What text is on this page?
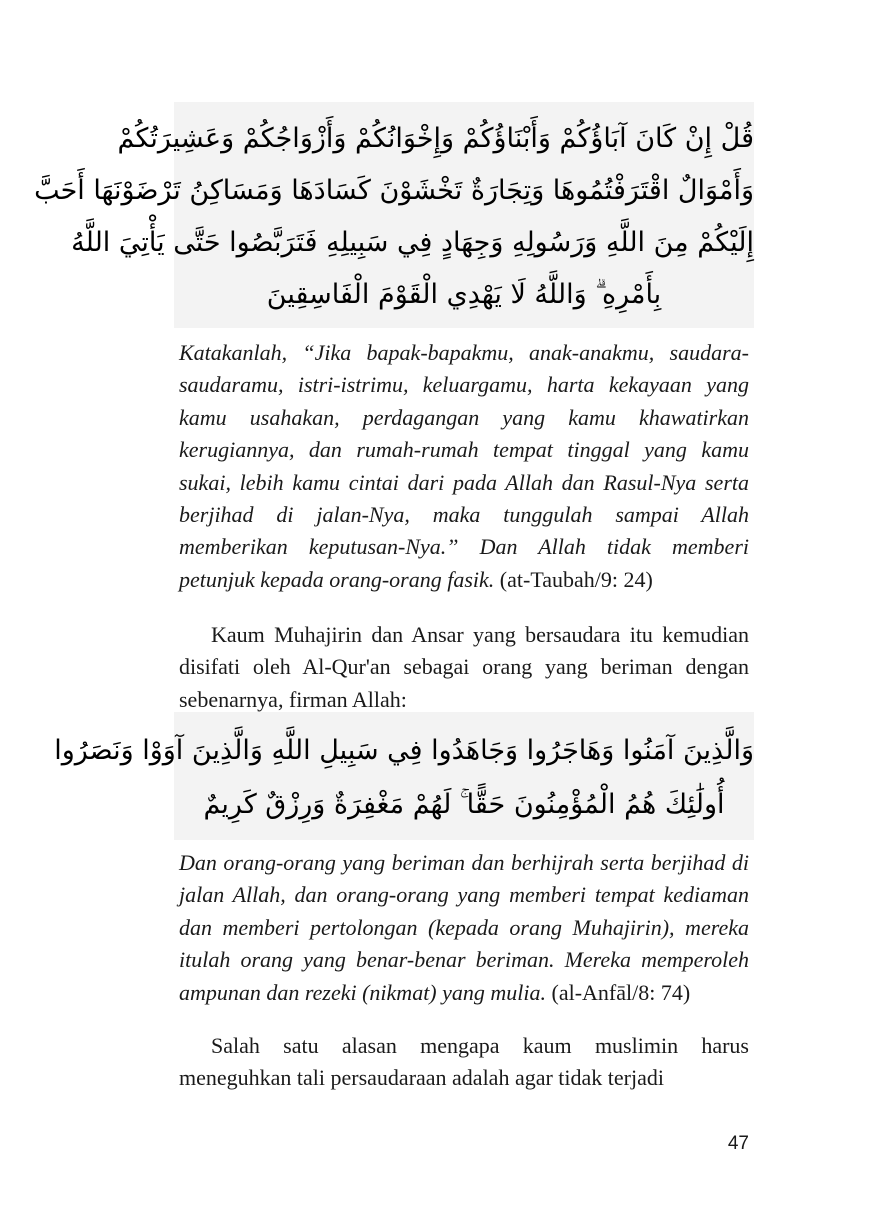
قُلْ إِنْ كَانَ آبَاؤُكُمْ وَأَبْنَاؤُكُمْ وَإِخْوَانُكُمْ وَأَزْوَاجُكُمْ وَعَشِيرَتُكُمْ
وَأَمْوَالٌ اقْتَرَفْتُمُوهَا وَتِجَارَةٌ تَخْشَوْنَ كَسَادَهَا وَمَسَاكِنُ تَرْضَوْنَهَا أَحَبَّ
إِلَيْكُمْ مِنَ اللَّهِ وَرَسُولِهِ وَجِهَادٍ فِي سَبِيلِهِ فَتَرَبَّصُوا حَتَّى يَأْتِيَ اللَّهُ
بِأَمْرِهِ ۗ وَاللَّهُ لَا يَهْدِي الْقَوْمَ الْفَاسِقِينَ

Katakanlah, “Jika bapak-bapakmu, anak-anakmu, saudara-saudaramu, istri-istrimu, keluargamu, harta kekayaan yang kamu usahakan, perdagangan yang kamu khawatirkan kerugiannya, dan rumah-rumah tempat tinggal yang kamu sukai, lebih kamu cintai dari pada Allah dan Rasul-Nya serta berjihad di jalan-Nya, maka tunggulah sampai Allah memberikan keputusan-Nya.” Dan Allah tidak memberi petunjuk kepada orang-orang fasik. (at-Taubah/9: 24)

Kaum Muhajirin dan Ansar yang bersaudara itu kemudian disifati oleh Al-Qur'an sebagai orang yang beriman dengan sebenarnya, firman Allah:

وَالَّذِينَ آمَنُوا وَهَاجَرُوا وَجَاهَدُوا فِي سَبِيلِ اللَّهِ وَالَّذِينَ آوَوْا وَنَصَرُوا
أُولَٰئِكَ هُمُ الْمُؤْمِنُونَ حَقًّا ۚ لَهُمْ مَغْفِرَةٌ وَرِزْقٌ كَرِيمٌ

Dan orang-orang yang beriman dan berhijrah serta berjihad di jalan Allah, dan orang-orang yang memberi tempat kediaman dan memberi pertolongan (kepada orang Muhajirin), mereka itulah orang yang benar-benar beriman. Mereka memperoleh ampunan dan rezeki (nikmat) yang mulia. (al-Anfāl/8: 74)

Salah satu alasan mengapa kaum muslimin harus meneguhkan tali persaudaraan adalah agar tidak terjadi

47
